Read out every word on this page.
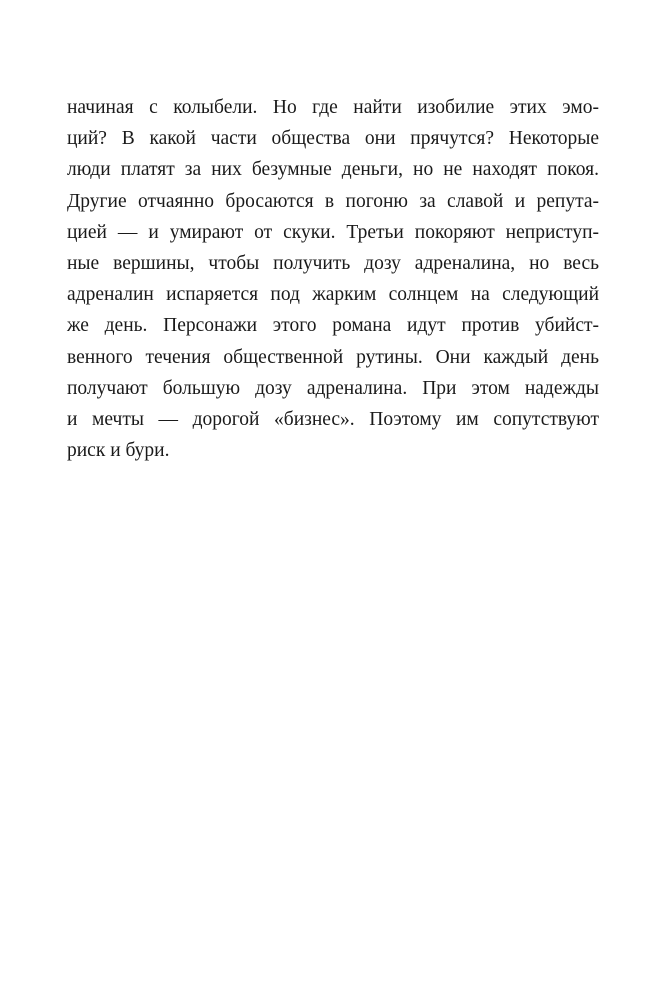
начиная с колыбели. Но где найти изобилие этих эмо-
ций? В какой части общества они прячутся? Некоторые
люди платят за них безумные деньги, но не находят покоя.
Другие отчаянно бросаются в погоню за славой и репута-
цией — и умирают от скуки. Третьи покоряют неприступ-
ные вершины, чтобы получить дозу адреналина, но весь
адреналин испаряется под жарким солнцем на следующий
же день. Персонажи этого романа идут против убийст-
венного течения общественной рутины. Они каждый день
получают большую дозу адреналина. При этом надежды
и мечты — дорогой «бизнес». Поэтому им сопутствуют
риск и бури.
